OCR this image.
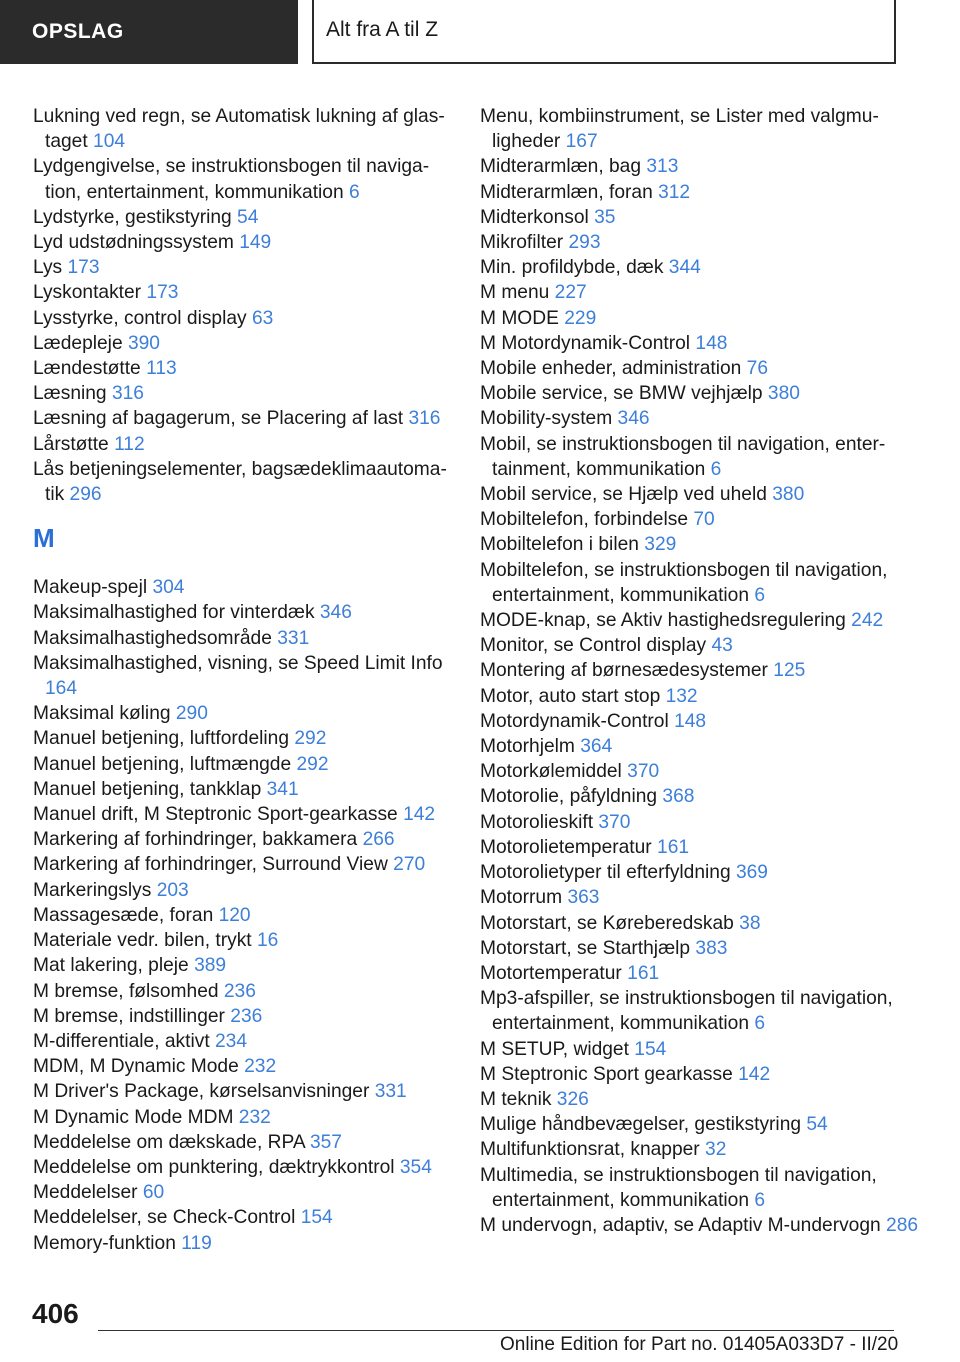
OPSLAG	Alt fra A til Z
Lukning ved regn, se Automatisk lukning af glastaget 104
Lydgengivelse, se instruktionsbogen til navigation, entertainment, kommunikation 6
Lydstyrke, gestikstyring 54
Lyd udstødningssystem 149
Lys 173
Lyskontakter 173
Lysstyrke, control display 63
Lædepleje 390
Lændestøtte 113
Læsning 316
Læsning af bagagerum, se Placering af last 316
Lårstøtte 112
Lås betjeningselementer, bagsædeklimaautomatik 296
M
Makeup-spejl 304
Maksimalhastighed for vinterdæk 346
Maksimalhastighedsområde 331
Maksimalhastighed, visning, se Speed Limit Info 164
Maksimal køling 290
Manuel betjening, luftfordeling 292
Manuel betjening, luftmængde 292
Manuel betjening, tankklap 341
Manuel drift, M Steptronic Sport-gearkasse 142
Markering af forhindringer, bakkamera 266
Markering af forhindringer, Surround View 270
Markeringslys 203
Massagesæde, foran 120
Materiale vedr. bilen, trykt 16
Mat lakering, pleje 389
M bremse, følsomhed 236
M bremse, indstillinger 236
M-differentiale, aktivt 234
MDM, M Dynamic Mode 232
M Driver's Package, kørselsanvisninger 331
M Dynamic Mode MDM 232
Meddelelse om dækskade, RPA 357
Meddelelse om punktering, dæktrykkontrol 354
Meddelelser 60
Meddelelser, se Check-Control 154
Memory-funktion 119
Menu, kombiinstrument, se Lister med valgmuligheder 167
Midterarmlæn, bag 313
Midterarmlæn, foran 312
Midterkonsol 35
Mikrofilter 293
Min. profildybde, dæk 344
M menu 227
M MODE 229
M Motordynamik-Control 148
Mobile enheder, administration 76
Mobile service, se BMW vejhjælp 380
Mobility-system 346
Mobil, se instruktionsbogen til navigation, entertainment, kommunikation 6
Mobil service, se Hjælp ved uheld 380
Mobiltelefon, forbindelse 70
Mobiltelefon i bilen 329
Mobiltelefon, se instruktionsbogen til navigation, entertainment, kommunikation 6
MODE-knap, se Aktiv hastighedsregulering 242
Monitor, se Control display 43
Montering af børnesædesystemer 125
Motor, auto start stop 132
Motordynamik-Control 148
Motorhjelm 364
Motorkølemiddel 370
Motorolie, påfyldning 368
Motorolieskift 370
Motorolietemperatur 161
Motorolietyper til efterfyldning 369
Motorrum 363
Motorstart, se Køreberedskab 38
Motorstart, se Starthjælp 383
Motortemperatur 161
Mp3-afspiller, se instruktionsbogen til navigation, entertainment, kommunikation 6
M SETUP, widget 154
M Steptronic Sport gearkasse 142
M teknik 326
Mulige håndbevægelser, gestikstyring 54
Multifunktionsrat, knapper 32
Multimedia, se instruktionsbogen til navigation, entertainment, kommunikation 6
M undervogn, adaptiv, se Adaptiv M-undervogn 286
406
Online Edition for Part no. 01405A033D7 - II/20
